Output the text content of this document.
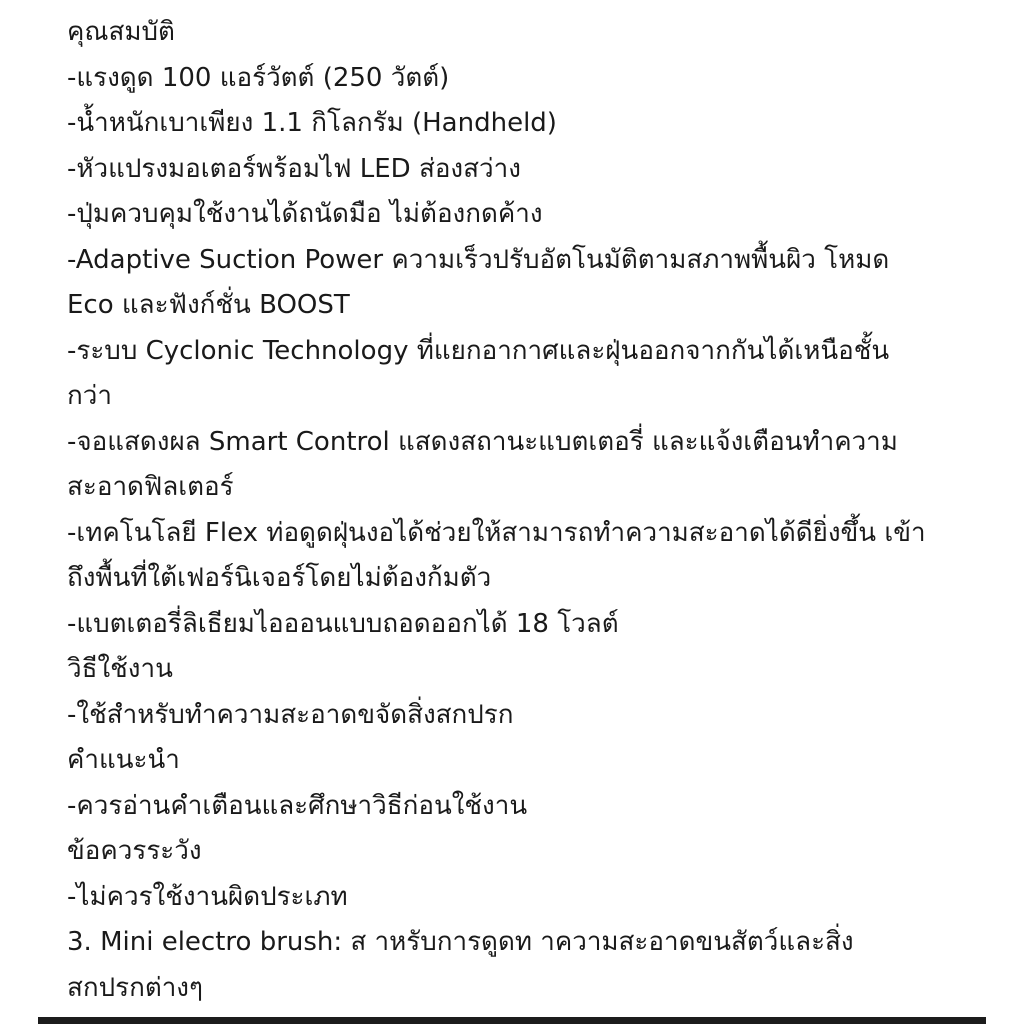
คุณสมบัติ
-แรงดูด 100 แอร์วัตต์ (250 วัตต์)
-น้ำหนักเบาเพียง 1.1 กิโลกรัม (Handheld)
-หัวแปรงมอเตอร์พร้อมไฟ LED ส่องสว่าง
-ปุ่มควบคุมใช้งานได้ถนัดมือ ไม่ต้องกดค้าง
-Adaptive Suction Power ความเร็วปรับอัตโนมัติตามสภาพพื้นผิว โหมด
Eco และฟังก์ชั่น BOOST
-ระบบ Cyclonic Technology ที่แยกอากาศและฝุ่นออกจากกันได้เหนือชั้น
กว่า
-จอแสดงผล Smart Control แสดงสถานะแบตเตอรี่ และแจ้งเตือนทำความ
สะอาดฟิลเตอร์
-เทคโนโลยี Flex ท่อดูดฝุ่นงอได้ช่วยให้สามารถทำความสะอาดได้ดียิ่งขึ้น เข้า
ถึงพื้นที่ใต้เฟอร์นิเจอร์โดยไม่ต้องก้มตัว
-แบตเตอรี่ลิเธียมไอออนแบบถอดออกได้ 18 โวลต์
วิธีใช้งาน
-ใช้สำหรับทำความสะอาดขจัดสิ่งสกปรก
คำแนะนำ
-ควรอ่านคำเตือนและศึกษาวิธีก่อนใช้งาน
ข้อควรระวัง
-ไม่ควรใช้งานผิดประเภท
3. Mini electro brush: ส าหรับการดูดท าความสะอาดขนสัตว์และสิ่ง
สกปรกต่างๆ
